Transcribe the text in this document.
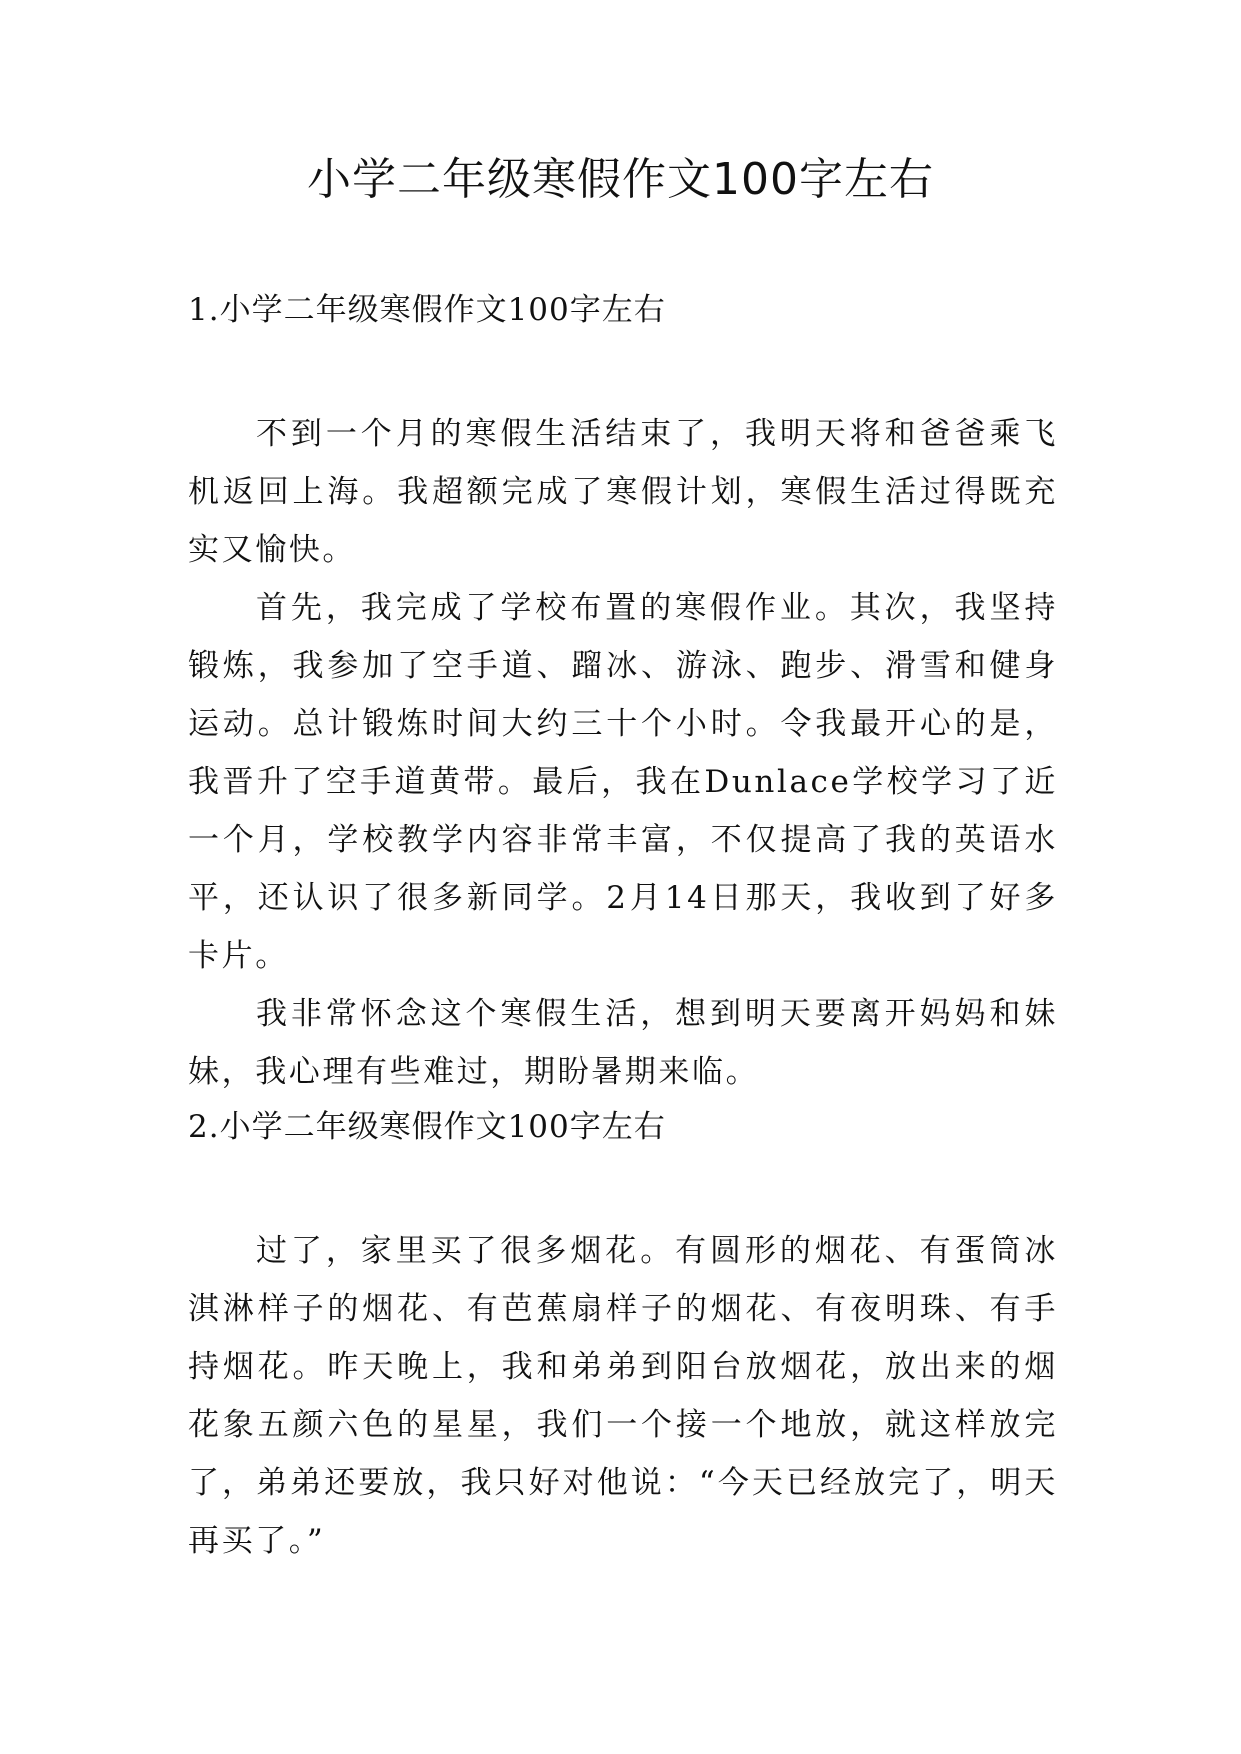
小学二年级寒假作文100字左右
1.小学二年级寒假作文100字左右

不到一个月的寒假生活结束了，我明天将和爸爸乘飞机返回上海。我超额完成了寒假计划，寒假生活过得既充实又愉快。

首先，我完成了学校布置的寒假作业。其次，我坚持锻炼，我参加了空手道、蹓冰、游泳、跑步、滑雪和健身运动。总计锻炼时间大约三十个小时。令我最开心的是，我晋升了空手道黄带。最后，我在Dunlace学校学习了近一个月，学校教学内容非常丰富，不仅提高了我的英语水平，还认识了很多新同学。2月14日那天，我收到了好多卡片。

我非常怀念这个寒假生活，想到明天要离开妈妈和妹妹，我心理有些难过，期盼暑期来临。

2.小学二年级寒假作文100字左右

过了，家里买了很多烟花。有圆形的烟花、有蛋筒冰淇淋样子的烟花、有芭蕉扇样子的烟花、有夜明珠、有手持烟花。昨天晚上，我和弟弟到阳台放烟花，放出来的烟花象五颜六色的星星，我们一个接一个地放，就这样放完了，弟弟还要放，我只好对他说：“今天已经放完了，明天再买了。”
